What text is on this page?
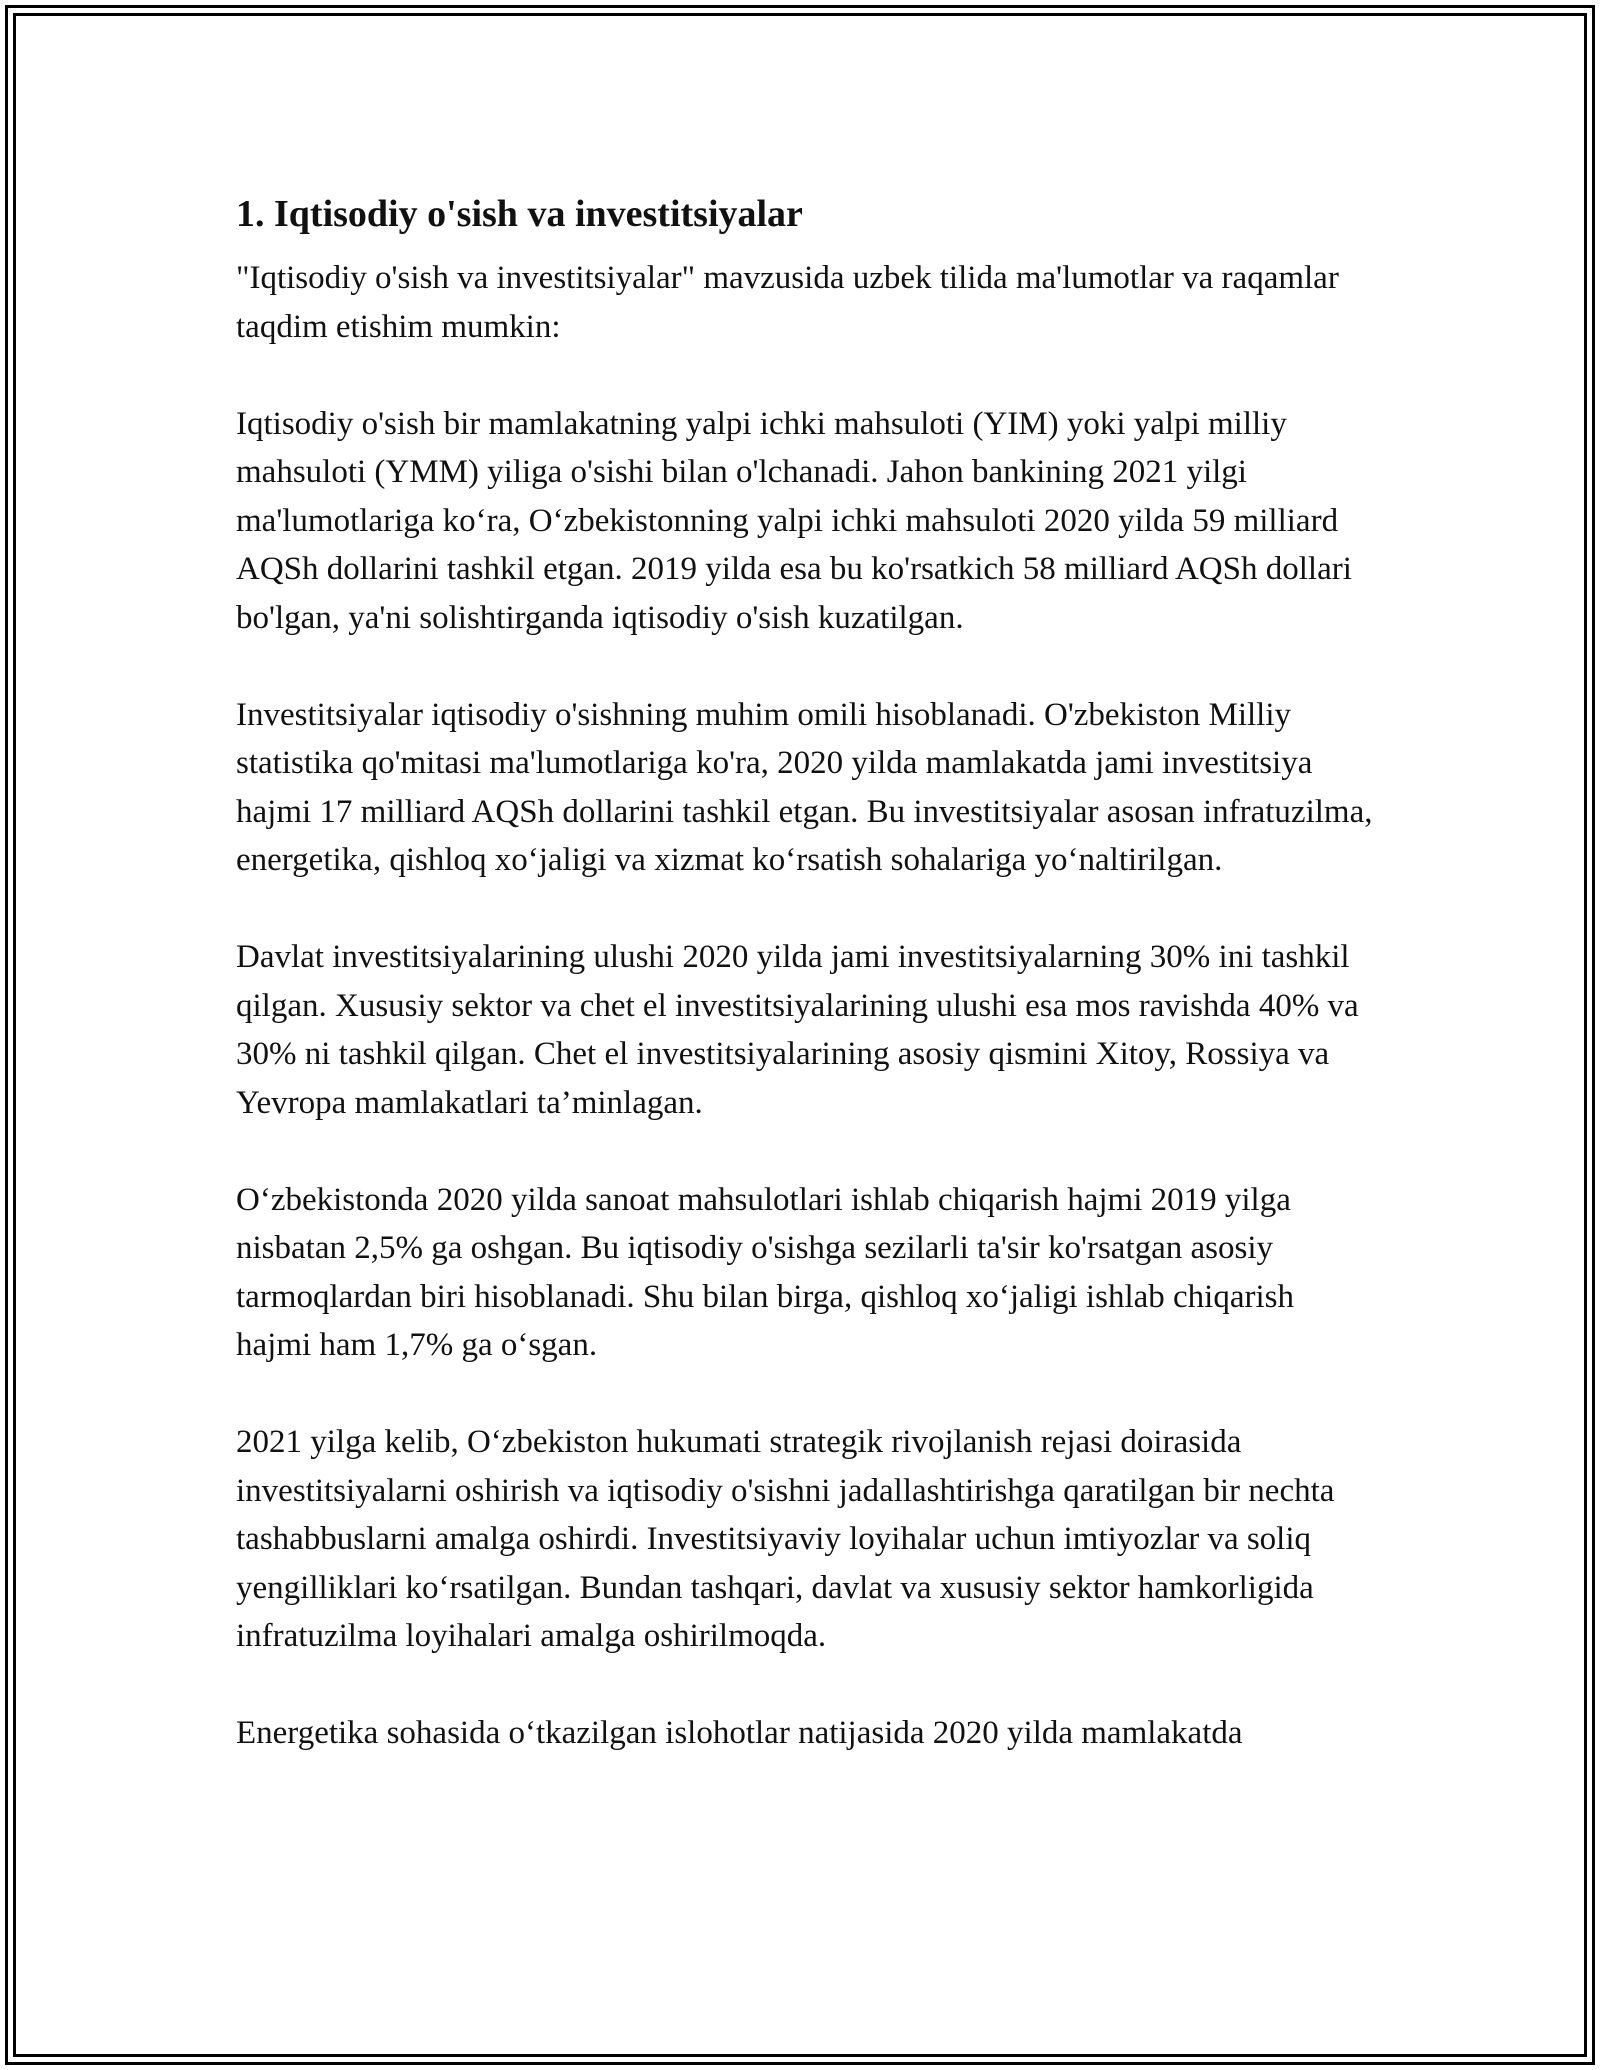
1. Iqtisodiy o'sish va investitsiyalar

"Iqtisodiy o'sish va investitsiyalar" mavzusida uzbek tilida ma'lumotlar va raqamlar taqdim etishim mumkin:

Iqtisodiy o'sish bir mamlakatning yalpi ichki mahsuloti (YIM) yoki yalpi milliy mahsuloti (YMM) yiliga o'sishi bilan o'lchanadi. Jahon bankining 2021 yilgi ma'lumotlariga koʻra, Oʻzbekistonning yalpi ichki mahsuloti 2020 yilda 59 milliard AQSh dollarini tashkil etgan. 2019 yilda esa bu ko'rsatkich 58 milliard AQSh dollari bo'lgan, ya'ni solishtirganda iqtisodiy o'sish kuzatilgan.

Investitsiyalar iqtisodiy o'sishning muhim omili hisoblanadi. O'zbekiston Milliy statistika qo'mitasi ma'lumotlariga ko'ra, 2020 yilda mamlakatda jami investitsiya hajmi 17 milliard AQSh dollarini tashkil etgan. Bu investitsiyalar asosan infratuzilma, energetika, qishloq xoʻjaligi va xizmat koʻrsatish sohalariga yoʻnaltirilgan.

Davlat investitsiyalarining ulushi 2020 yilda jami investitsiyalarning 30% ini tashkil qilgan. Xususiy sektor va chet el investitsiyalarining ulushi esa mos ravishda 40% va 30% ni tashkil qilgan. Chet el investitsiyalarining asosiy qismini Xitoy, Rossiya va Yevropa mamlakatlari ta’minlagan.

Oʻzbekistonda 2020 yilda sanoat mahsulotlari ishlab chiqarish hajmi 2019 yilga nisbatan 2,5% ga oshgan. Bu iqtisodiy o'sishga sezilarli ta'sir ko'rsatgan asosiy tarmoqlardan biri hisoblanadi. Shu bilan birga, qishloq xoʻjaligi ishlab chiqarish hajmi ham 1,7% ga oʻsgan.

2021 yilga kelib, Oʻzbekiston hukumati strategik rivojlanish rejasi doirasida investitsiyalarni oshirish va iqtisodiy o'sishni jadallashtirishga qaratilgan bir nechta tashabbuslarni amalga oshirdi. Investitsiyaviy loyihalar uchun imtiyozlar va soliq yengilliklari koʻrsatilgan. Bundan tashqari, davlat va xususiy sektor hamkorligida infratuzilma loyihalari amalga oshirilmoqda.

Energetika sohasida oʻtkazilgan islohotlar natijasida 2020 yilda mamlakatda
